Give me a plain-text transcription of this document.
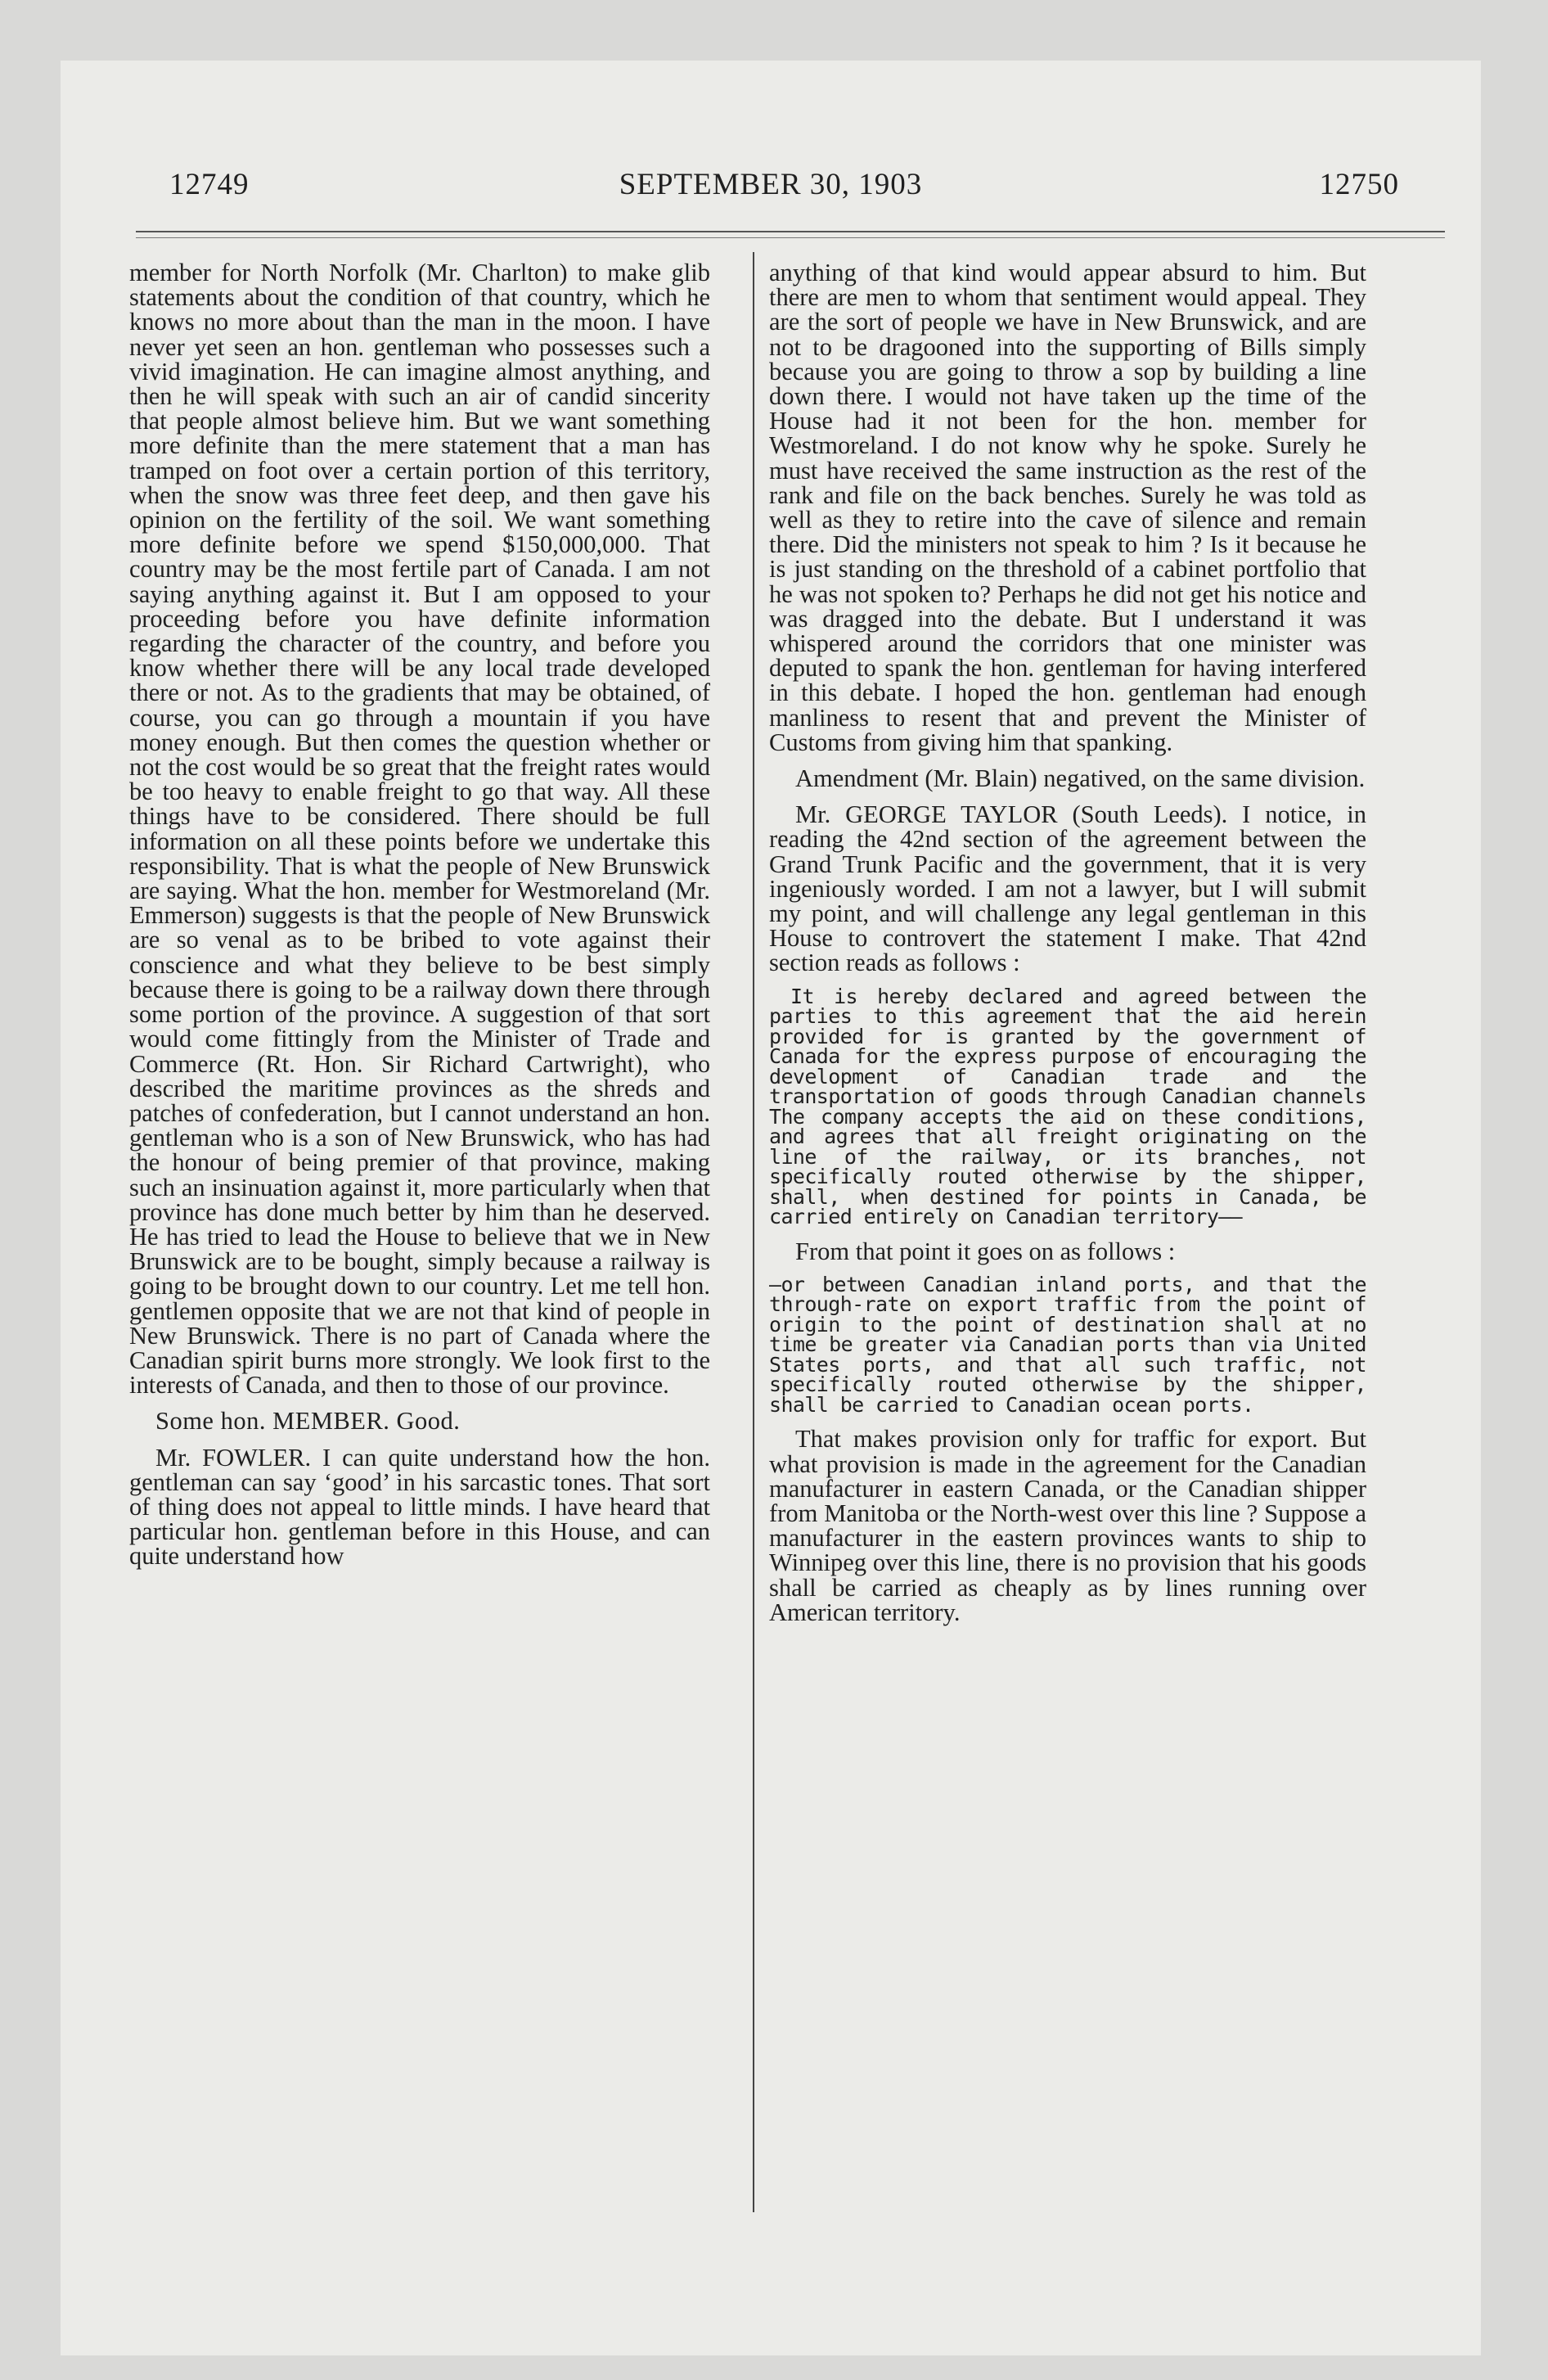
12749	SEPTEMBER 30, 1903	12750

member for North Norfolk (Mr. Charlton) to make glib statements about the condition of that country, which he knows no more about than the man in the moon. I have never yet seen an hon. gentleman who possesses such a vivid imagination. He can imagine almost anything, and then he will speak with such an air of candid sincerity that people almost believe him. But we want something more definite than the mere statement that a man has tramped on foot over a certain portion of this territory, when the snow was three feet deep, and then gave his opinion on the fertility of the soil. We want something more definite before we spend $150,000,000. That country may be the most fertile part of Canada. I am not saying anything against it. But I am opposed to your proceeding before you have definite information regarding the character of the country, and before you know whether there will be any local trade developed there or not. As to the gradients that may be obtained, of course, you can go through a mountain if you have money enough. But then comes the question whether or not the cost would be so great that the freight rates would be too heavy to enable freight to go that way. All these things have to be considered. There should be full information on all these points before we undertake this responsibility. That is what the people of New Brunswick are saying. What the hon. member for Westmoreland (Mr. Emmerson) suggests is that the people of New Brunswick are so venal as to be bribed to vote against their conscience and what they believe to be best simply because there is going to be a railway down there through some portion of the province. A suggestion of that sort would come fittingly from the Minister of Trade and Commerce (Rt. Hon. Sir Richard Cartwright), who described the maritime provinces as the shreds and patches of confederation, but I cannot understand an hon. gentleman who is a son of New Brunswick, who has had the honour of being premier of that province, making such an insinuation against it, more particularly when that province has done much better by him than he deserved. He has tried to lead the House to believe that we in New Brunswick are to be bought, simply because a railway is going to be brought down to our country. Let me tell hon. gentlemen opposite that we are not that kind of people in New Brunswick. There is no part of Canada where the Canadian spirit burns more strongly. We look first to the interests of Canada, and then to those of our province.

Some hon. MEMBER. Good.

Mr. FOWLER. I can quite understand how the hon. gentleman can say ‘good’ in his sarcastic tones. That sort of thing does not appeal to little minds. I have heard that particular hon. gentleman before in this House, and can quite understand how

anything of that kind would appear absurd to him. But there are men to whom that sentiment would appeal. They are the sort of people we have in New Brunswick, and are not to be dragooned into the supporting of Bills simply because you are going to throw a sop by building a line down there. I would not have taken up the time of the House had it not been for the hon. member for Westmoreland. I do not know why he spoke. Surely he must have received the same instruction as the rest of the rank and file on the back benches. Surely he was told as well as they to retire into the cave of silence and remain there. Did the ministers not speak to him ? Is it because he is just standing on the threshold of a cabinet portfolio that he was not spoken to? Perhaps he did not get his notice and was dragged into the debate. But I understand it was whispered around the corridors that one minister was deputed to spank the hon. gentleman for having interfered in this debate. I hoped the hon. gentleman had enough manliness to resent that and prevent the Minister of Customs from giving him that spanking.

Amendment (Mr. Blain) negatived, on the same division.

Mr. GEORGE TAYLOR (South Leeds). I notice, in reading the 42nd section of the agreement between the Grand Trunk Pacific and the government, that it is very ingeniously worded. I am not a lawyer, but I will submit my point, and will challenge any legal gentleman in this House to controvert the statement I make. That 42nd section reads as follows :

It is hereby declared and agreed between the parties to this agreement that the aid herein provided for is granted by the government of Canada for the express purpose of encouraging the development of Canadian trade and the transportation of goods through Canadian channels The company accepts the aid on these conditions, and agrees that all freight originating on the line of the railway, or its branches, not specifically routed otherwise by the shipper, shall, when destined for points in Canada, be carried entirely on Canadian territory——

From that point it goes on as follows :

—or between Canadian inland ports, and that the through-rate on export traffic from the point of origin to the point of destination shall at no time be greater via Canadian ports than via United States ports, and that all such traffic, not specifically routed otherwise by the shipper, shall be carried to Canadian ocean ports.

That makes provision only for traffic for export. But what provision is made in the agreement for the Canadian manufacturer in eastern Canada, or the Canadian shipper from Manitoba or the North-west over this line ? Suppose a manufacturer in the eastern provinces wants to ship to Winnipeg over this line, there is no provision that his goods shall be carried as cheaply as by lines running over American territory.
